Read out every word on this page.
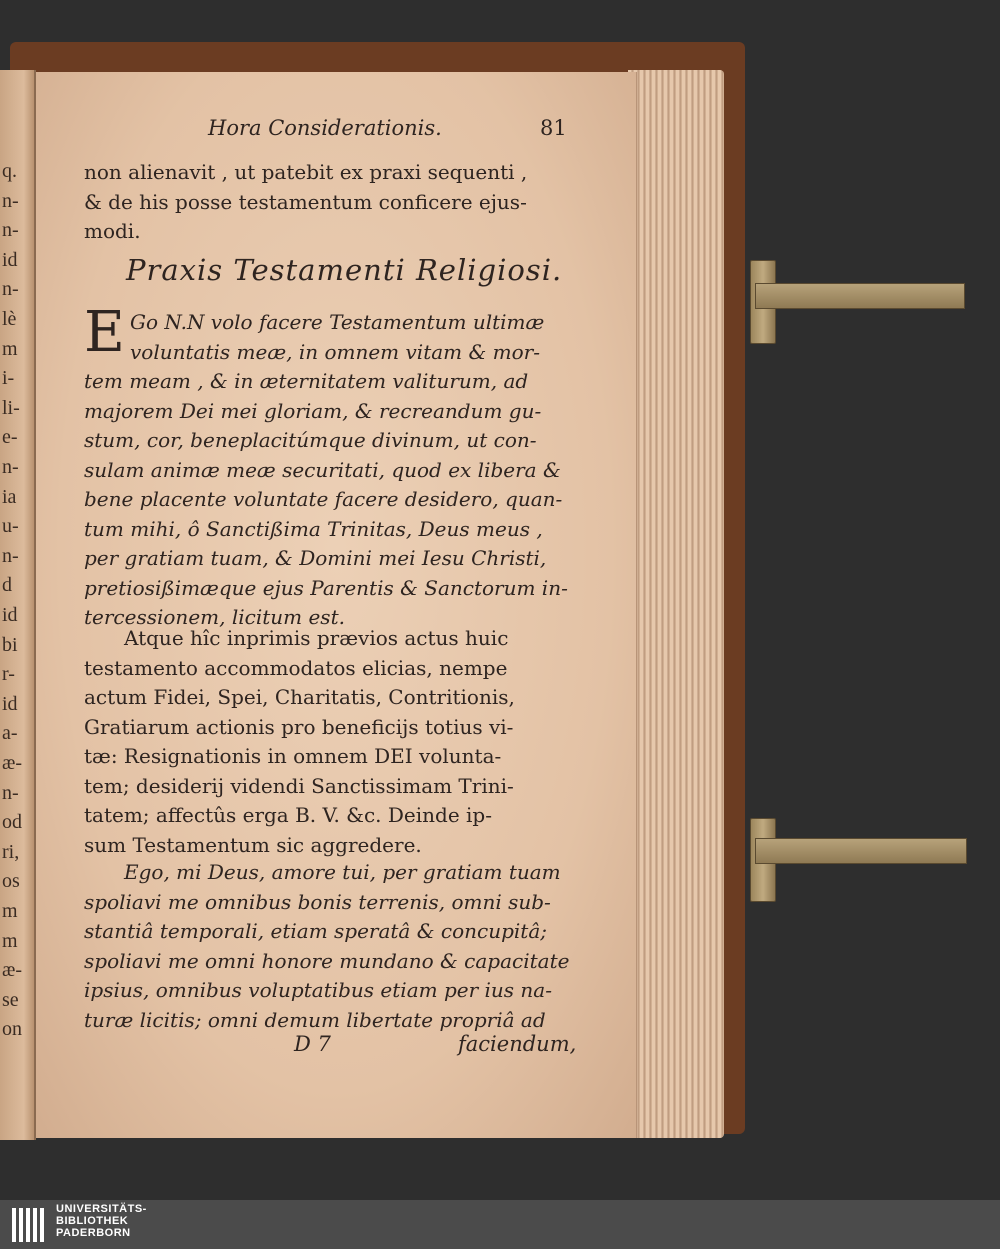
q.
n-
n-
id
n-
lè
m
i-
li-
e-
n-
ia
u-
n-
d
id
bi
r-
id
a-
æ-
n-
od
ri,
os
m
m
æ-
se
on
Hora Considerationis.	81
non alienavit , ut patebit ex praxi sequenti ,
& de his posse testamentum conficere ejus-
modi.
Praxis Testamenti Religiosi.
E Go N.N volo facere Testamentum ultimæ
voluntatis meæ, in omnem vitam & mor-
tem meam , & in æternitatem valiturum, ad
majorem Dei mei gloriam, & recreandum gu-
stum, cor, beneplacitúmque divinum, ut con-
sulam animæ meæ securitati, quod ex libera &
bene placente voluntate facere desidero, quan-
tum mihi, ô Sanctißima Trinitas, Deus meus ,
per gratiam tuam, & Domini mei Iesu Christi,
pretiosißimæque ejus Parentis & Sanctorum in-
tercessionem, licitum est.
Atque hîc inprimis prævios actus huic
testamento accommodatos elicias, nempe
actum Fidei, Spei, Charitatis, Contritionis,
Gratiarum actionis pro beneficijs totius vi-
tæ: Resignationis in omnem DEI volunta-
tem; desiderij videndi Sanctissimam Trini-
tatem; affectûs erga B. V. &c. Deinde ip-
sum Testamentum sic aggredere.
Ego, mi Deus, amore tui, per gratiam tuam
spoliavi me omnibus bonis terrenis, omni sub-
stantiâ temporali, etiam speratâ & concupitâ;
spoliavi me omni honore mundano & capacitate
ipsius, omnibus voluptatibus etiam per ius na-
turæ licitis; omni demum libertate propriâ ad
D 7	faciendum,
UNIVERSITÄTS-
BIBLIOTHEK
PADERBORN
